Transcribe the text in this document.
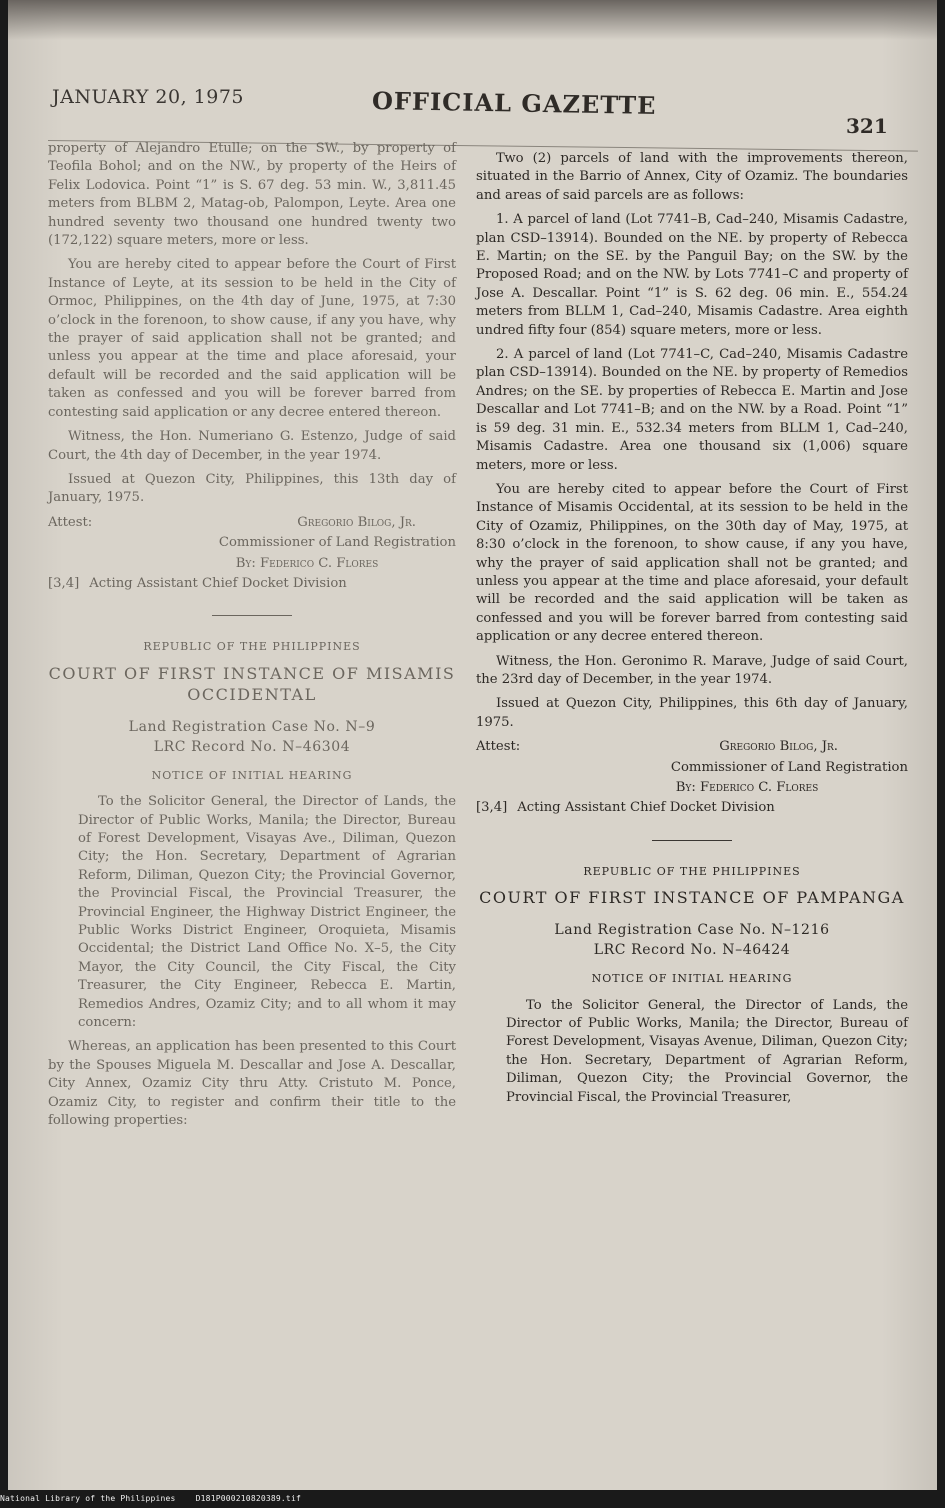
JANUARY 20, 1975	OFFICIAL GAZETTE
321

property of Alejandro Etulle; on the SW., by property of Teofila Bohol; and on the NW., by property of the Heirs of Felix Lodovica. Point “1” is S. 67 deg. 53 min. W., 3,811.45 meters from BLBM 2, Matag-ob, Palompon, Leyte. Area one hundred seventy two thousand one hundred twenty two (172,122) square meters, more or less.

You are hereby cited to appear before the Court of First Instance of Leyte, at its session to be held in the City of Ormoc, Philippines, on the 4th day of June, 1975, at 7:30 o’clock in the forenoon, to show cause, if any you have, why the prayer of said application shall not be granted; and unless you appear at the time and place aforesaid, your default will be recorded and the said application will be taken as confessed and you will be forever barred from contesting said application or any decree entered thereon.

Witness, the Hon. Numeriano G. Estenzo, Judge of said Court, the 4th day of December, in the year 1974.

Issued at Quezon City, Philippines, this 13th day of January, 1975.

Attest:	Gregorio Bilog, Jr.
Commissioner of Land Registration
By: Federico C. Flores
[3,4] Acting Assistant Chief Docket Division
REPUBLIC OF THE PHILIPPINES
COURT OF FIRST INSTANCE OF MISAMIS OCCIDENTAL
Land Registration Case No. N–9
LRC Record No. N–46304
NOTICE OF INITIAL HEARING

To the Solicitor General, the Director of Lands, the Director of Public Works, Manila; the Director, Bureau of Forest Development, Visayas Ave., Diliman, Quezon City; the Hon. Secretary, Department of Agrarian Reform, Diliman, Quezon City; the Provincial Governor, the Provincial Fiscal, the Provincial Treasurer, the Provincial Engineer, the Highway District Engineer, the Public Works District Engineer, Oroquieta, Misamis Occidental; the District Land Office No. X–5, the City Mayor, the City Council, the City Fiscal, the City Treasurer, the City Engineer, Rebecca E. Martin, Remedios Andres, Ozamiz City; and to all whom it may concern:

Whereas, an application has been presented to this Court by the Spouses Miguela M. Descallar and Jose A. Descallar, City Annex, Ozamiz City thru Atty. Cristuto M. Ponce, Ozamiz City, to register and confirm their title to the following properties:

Two (2) parcels of land with the improvements thereon, situated in the Barrio of Annex, City of Ozamiz. The boundaries and areas of said parcels are as follows:

1. A parcel of land (Lot 7741–B, Cad–240, Misamis Cadastre, plan CSD–13914). Bounded on the NE. by property of Rebecca E. Martin; on the SE. by the Panguil Bay; on the SW. by the Proposed Road; and on the NW. by Lots 7741–C and property of Jose A. Descallar. Point “1” is S. 62 deg. 06 min. E., 554.24 meters from BLLM 1, Cad–240, Misamis Cadastre. Area eighth undred fifty four (854) square meters, more or less.

2. A parcel of land (Lot 7741–C, Cad–240, Misamis Cadastre plan CSD–13914). Bounded on the NE. by property of Remedios Andres; on the SE. by properties of Rebecca E. Martin and Jose Descallar and Lot 7741–B; and on the NW. by a Road. Point “1” is 59 deg. 31 min. E., 532.34 meters from BLLM 1, Cad–240, Misamis Cadastre. Area one thousand six (1,006) square meters, more or less.

You are hereby cited to appear before the Court of First Instance of Misamis Occidental, at its session to be held in the City of Ozamiz, Philippines, on the 30th day of May, 1975, at 8:30 o’clock in the forenoon, to show cause, if any you have, why the prayer of said application shall not be granted; and unless you appear at the time and place aforesaid, your default will be recorded and the said application will be taken as confessed and you will be forever barred from contesting said application or any decree entered thereon.

Witness, the Hon. Geronimo R. Marave, Judge of said Court, the 23rd day of December, in the year 1974.

Issued at Quezon City, Philippines, this 6th day of January, 1975.

Attest:	Gregorio Bilog, Jr.
Commissioner of Land Registration
By: Federico C. Flores
[3,4] Acting Assistant Chief Docket Division
REPUBLIC OF THE PHILIPPINES
COURT OF FIRST INSTANCE OF PAMPANGA
Land Registration Case No. N–1216
LRC Record No. N–46424
NOTICE OF INITIAL HEARING

To the Solicitor General, the Director of Lands, the Director of Public Works, Manila; the Director, Bureau of Forest Development, Visayas Avenue, Diliman, Quezon City; the Hon. Secretary, Department of Agrarian Reform, Diliman, Quezon City; the Provincial Governor, the Provincial Fiscal, the Provincial Treasurer,

National Library of the Philippines    D181P000210820389.tif
